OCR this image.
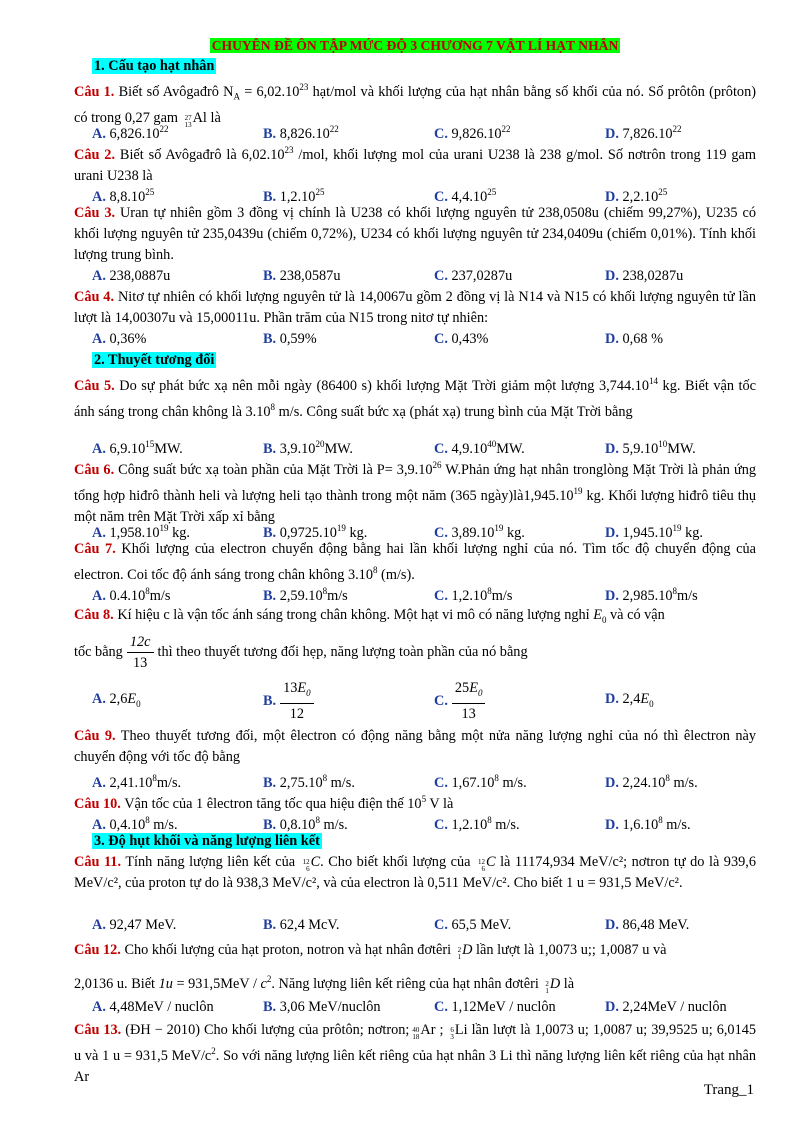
CHUYÊN ĐỀ ÔN TẬP MỨC ĐỘ 3 CHƯƠNG 7 VẬT LÍ HẠT NHÂN
1. Cấu tạo hạt nhân

Câu 1. Biết số Avôgađrô $N_A = 6,02.10^{23}$ hạt/mol và khối lượng của hạt nhân bằng số khối của nó. Số prôtôn (prôton) có trong 0,27 gam 27
13 Al là

A. 6,826.10$^{22}$	B. 8,826.10$^{22}$	C. 9,826.10$^{22}$	D. 7,826.10$^{22}$

Câu 2. Biết số Avôgađrô là 6,02.10$^{23}$ /mol, khối lượng mol của urani U238 là 238 g/mol. Số nơtrôn trong 119 gam urani U238 là

A. 8,8.10$^{25}$	B. 1,2.10$^{25}$	C. 4,4.10$^{25}$	D. 2,2.10$^{25}$

Câu 3. Uran tự nhiên gồm 3 đồng vị chính là U238 có khối lượng nguyên tử 238,0508u (chiếm 99,27%), U235 có khối lượng nguyên tử 235,0439u (chiếm 0,72%), U234 có khối lượng nguyên tử 234,0409u (chiếm 0,01%). Tính khối lượng trung bình.

A. 238,0887u	B. 238,0587u	C. 237,0287u	D. 238,0287u

Câu 4. Nitơ tự nhiên có khối lượng nguyên tử là 14,0067u gồm 2 đồng vị là N14 và N15 có khối lượng nguyên tử lần lượt là 14,00307u và 15,00011u. Phần trăm của N15 trong nitơ tự nhiên:

A. 0,36%	B. 0,59%	C. 0,43%	D. 0,68 %
2. Thuyết tương đối

Câu 5. Do sự phát bức xạ nên mỗi ngày (86400 s) khối lượng Mặt Trời giảm một lượng 3,744.10$^{14}$ kg. Biết vận tốc ánh sáng trong chân không là 3.10$^8$ m/s. Công suất bức xạ (phát xạ) trung bình của Mặt Trời bằng

A. 6,9.10$^{15}$MW.	B. 3,9.10$^{20}$MW.	C. 4,9.10$^{40}$MW.	D. 5,9.10$^{10}$MW.

Câu 6. Công suất bức xạ toàn phần của Mặt Trời là $P= 3,9.10^{26}$ W.Phản ứng hạt nhân tronglòng Mặt Trời là phản ứng tổng hợp hiđrô thành heli và lượng heli tạo thành trong một năm (365 ngày)là1,945.10$^{19}$ kg. Khối lượng hiđrô tiêu thụ một năm trên Mặt Trời xấp xỉ bằng

A. 1,958.10$^{19}$ kg.	B. 0,9725.10$^{19}$ kg.	C. 3,89.10$^{19}$ kg.	D. 1,945.10$^{19}$ kg.

Câu 7. Khối lượng của electron chuyển động bằng hai lần khối lượng nghỉ của nó. Tìm tốc độ chuyển động của electron. Coi tốc độ ánh sáng trong chân không 3.10$^8$ (m/s).

A. 0.4.10$^8$m/s	B. 2,59.10$^8$m/s	C. 1,2.10$^8$m/s	D. 2,985.10$^8$m/s

Câu 8. Kí hiệu c là vận tốc ánh sáng trong chân không. Một hạt vi mô có năng lượng nghỉ $E_0$ và có vận

tốc bằng $\frac{12c}{13}$ thì theo thuyết tương đối hẹp, năng lượng toàn phần của nó bằng
A. $2,6E_0$	B. $\frac{13E_0}{12}$	C. $\frac{25E_0}{13}$	D. $2,4E_0$

Câu 9. Theo thuyết tương đối, một êlectron có động năng bằng một nửa năng lượng nghỉ của nó thì êlectron này chuyển động với tốc độ bằng

A. 2,41.10$^8$m/s.	B. 2,75.10$^8$ m/s.	C. 1,67.10$^8$ m/s.	D. 2,24.10$^8$ m/s.

Câu 10. Vận tốc của 1 êlectron tăng tốc qua hiệu điện thế $10^5$ V là

A. 0,4.10$^8$ m/s.	B. 0,8.10$^8$ m/s.	C. 1,2.10$^8$ m/s.	D. 1,6.10$^8$ m/s.
3. Độ hụt khối và năng lượng liên kết

Câu 11. Tính năng lượng liên kết của 12
6 C. Cho biết khối lượng của 12
6 C là 11174,934 MeV/c²; nơtron tự do là 939,6 MeV/c², của proton tự do là 938,3 MeV/c², và của electron là 0,511 MeV/c². Cho biết 1 u = 931,5 MeV/c².

A. 92,47 MeV.	B. 62,4 McV.	C. 65,5 MeV.	D. 86,48 MeV.

Câu 12. Cho khối lượng của hạt proton, notron và hạt nhân đơtêri 2
1 D lần lượt là 1,0073 u;; 1,0087 u và

2,0136 u. Biết $1u = 931,5MeV / c^2$. Năng lượng liên kết riêng của hạt nhân đơtêri 2
1 D là

A. 4,48MeV / nuclôn	B. 3,06 MeV/nuclôn	C. 1,12MeV / nuclôn	D. 2,24MeV / nuclôn

Câu 13. (ĐH − 2010) Cho khối lượng của prôtôn; nơtron; 40
18 Ar ; 6
3 Li lần lượt là 1,0073 u; 1,0087 u; 39,9525 u; 6,0145 u và 1 u = 931,5 MeV/$c^2$. So với năng lượng liên kết riêng của hạt nhân 3 Li thì năng lượng liên kết riêng của hạt nhân Ar

Trang_1
